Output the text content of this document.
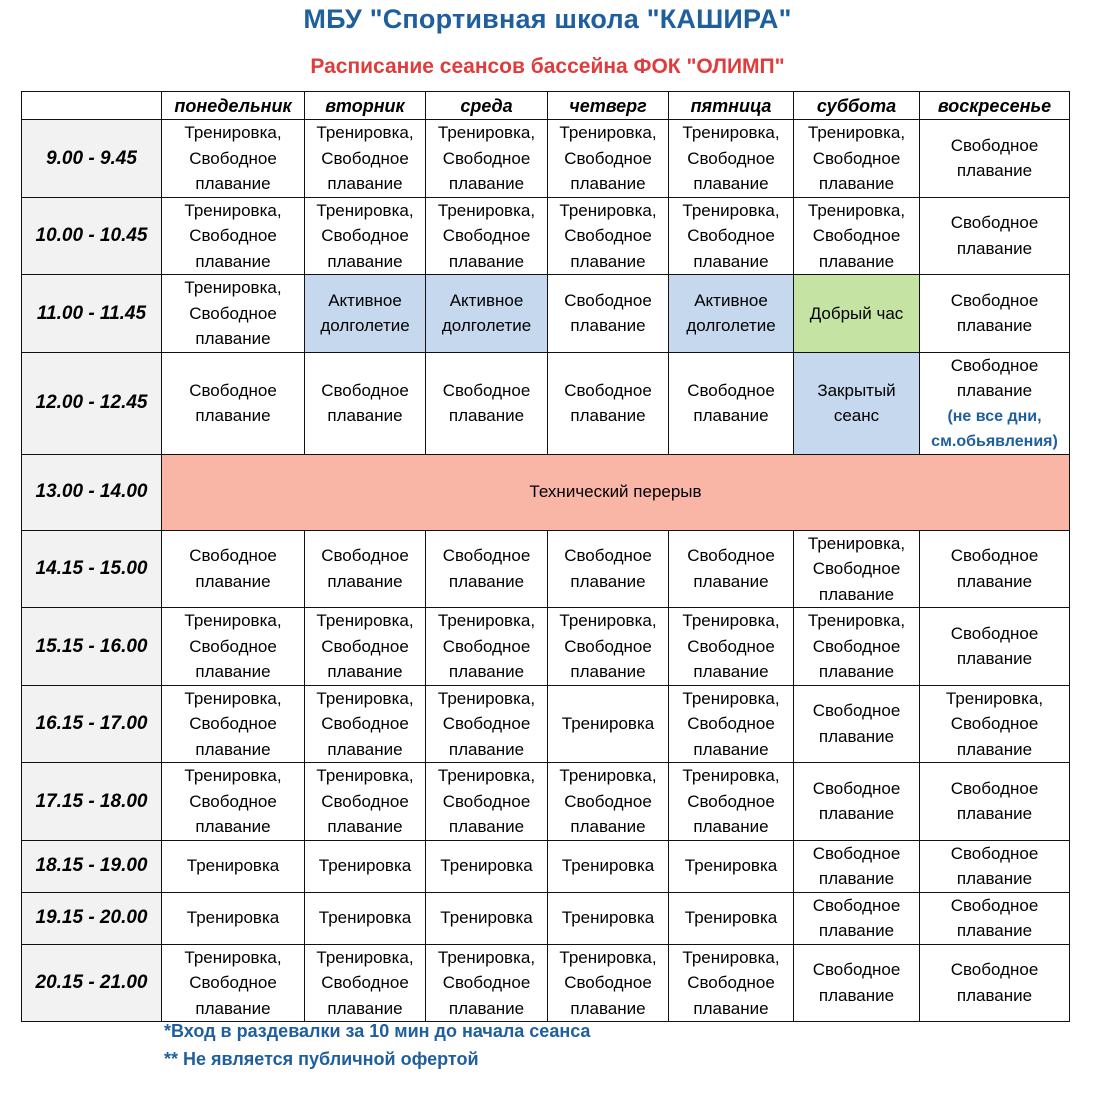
МБУ "Спортивная школа "КАШИРА"
Расписание сеансов бассейна ФОК "ОЛИМП"
	понедельник	вторник	среда	четверг	пятница	суббота	воскресенье
9.00 - 9.45	Тренировка,
Свободное
плавание	Тренировка,
Свободное
плавание	Тренировка,
Свободное
плавание	Тренировка,
Свободное
плавание	Тренировка,
Свободное
плавание	Тренировка,
Свободное
плавание	Свободное
плавание

10.00 - 10.45	Тренировка,
Свободное
плавание	Тренировка,
Свободное
плавание	Тренировка,
Свободное
плавание	Тренировка,
Свободное
плавание	Тренировка,
Свободное
плавание	Тренировка,
Свободное
плавание	Свободное
плавание

11.00 - 11.45	Тренировка,
Свободное
плавание	Активное
долголетие	Активное
долголетие	Свободное
плавание	Активное
долголетие	Добрый час	Свободное
плавание

12.00 - 12.45	Свободное
плавание	Свободное
плавание	Свободное
плавание	Свободное
плавание	Свободное
плавание	Закрытый
сеанс	Свободное
плавание
(не все дни,
см.обьявления)

13.00 - 14.00	Технический перерыв						

14.15 - 15.00	Свободное
плавание	Свободное
плавание	Свободное
плавание	Свободное
плавание	Свободное
плавание	Тренировка,
Свободное
плавание	Свободное
плавание

15.15 - 16.00	Тренировка,
Свободное
плавание	Тренировка,
Свободное
плавание	Тренировка,
Свободное
плавание	Тренировка,
Свободное
плавание	Тренировка,
Свободное
плавание	Тренировка,
Свободное
плавание	Свободное
плавание

16.15 - 17.00	Тренировка,
Свободное
плавание	Тренировка,
Свободное
плавание	Тренировка,
Свободное
плавание	Тренировка	Тренировка,
Свободное
плавание	Свободное
плавание	Тренировка,
Свободное
плавание

17.15 - 18.00	Тренировка,
Свободное
плавание	Тренировка,
Свободное
плавание	Тренировка,
Свободное
плавание	Тренировка,
Свободное
плавание	Тренировка,
Свободное
плавание	Свободное
плавание	Свободное
плавание

18.15 - 19.00	Тренировка	Тренировка	Тренировка	Тренировка	Тренировка	Свободное
плавание	Свободное
плавание

19.15 - 20.00	Тренировка	Тренировка	Тренировка	Тренировка	Тренировка	Свободное
плавание	Свободное
плавание

20.15 - 21.00	Тренировка,
Свободное
плавание	Тренировка,
Свободное
плавание	Тренировка,
Свободное
плавание	Тренировка,
Свободное
плавание	Тренировка,
Свободное
плавание	Свободное
плавание	Свободное
плавание
*Вход в раздевалки за 10 мин до начала сеанса
** Не является публичной офертой
